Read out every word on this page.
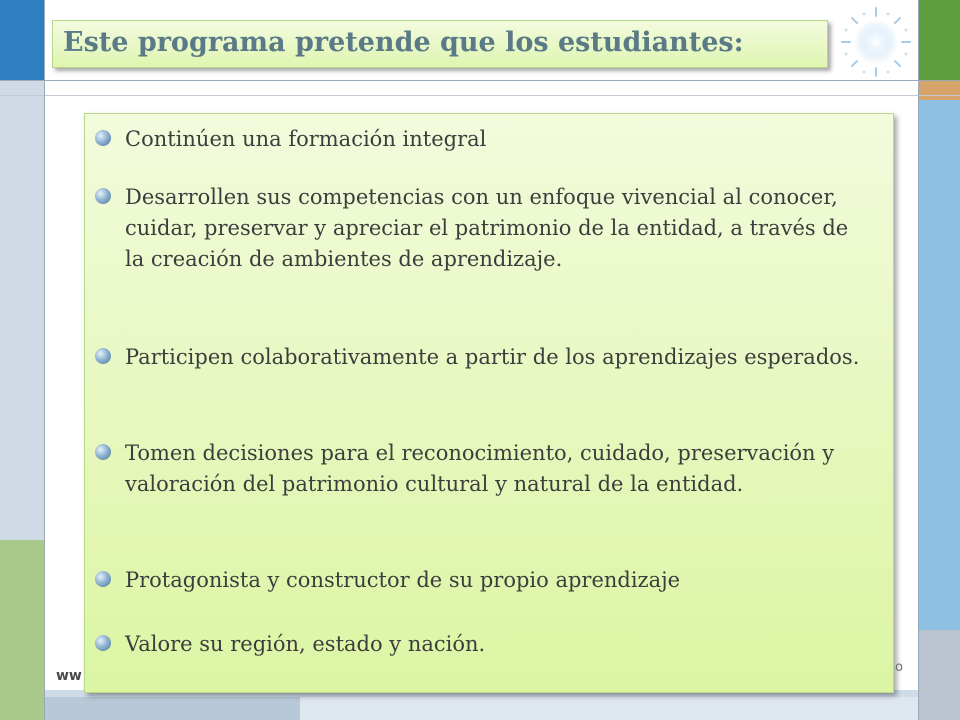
Este programa pretende que los estudiantes:
Continúen una formación integral
Desarrollen sus competencias con un enfoque vivencial al conocer, cuidar, preservar y apreciar el patrimonio de la entidad, a través de la creación de ambientes de aprendizaje.
Participen colaborativamente a partir de los aprendizajes esperados.
Tomen decisiones para el reconocimiento, cuidado, preservación y valoración del patrimonio cultural y natural de la entidad.
Protagonista y constructor de su propio aprendizaje
Valore su región, estado y nación.
ww
o
